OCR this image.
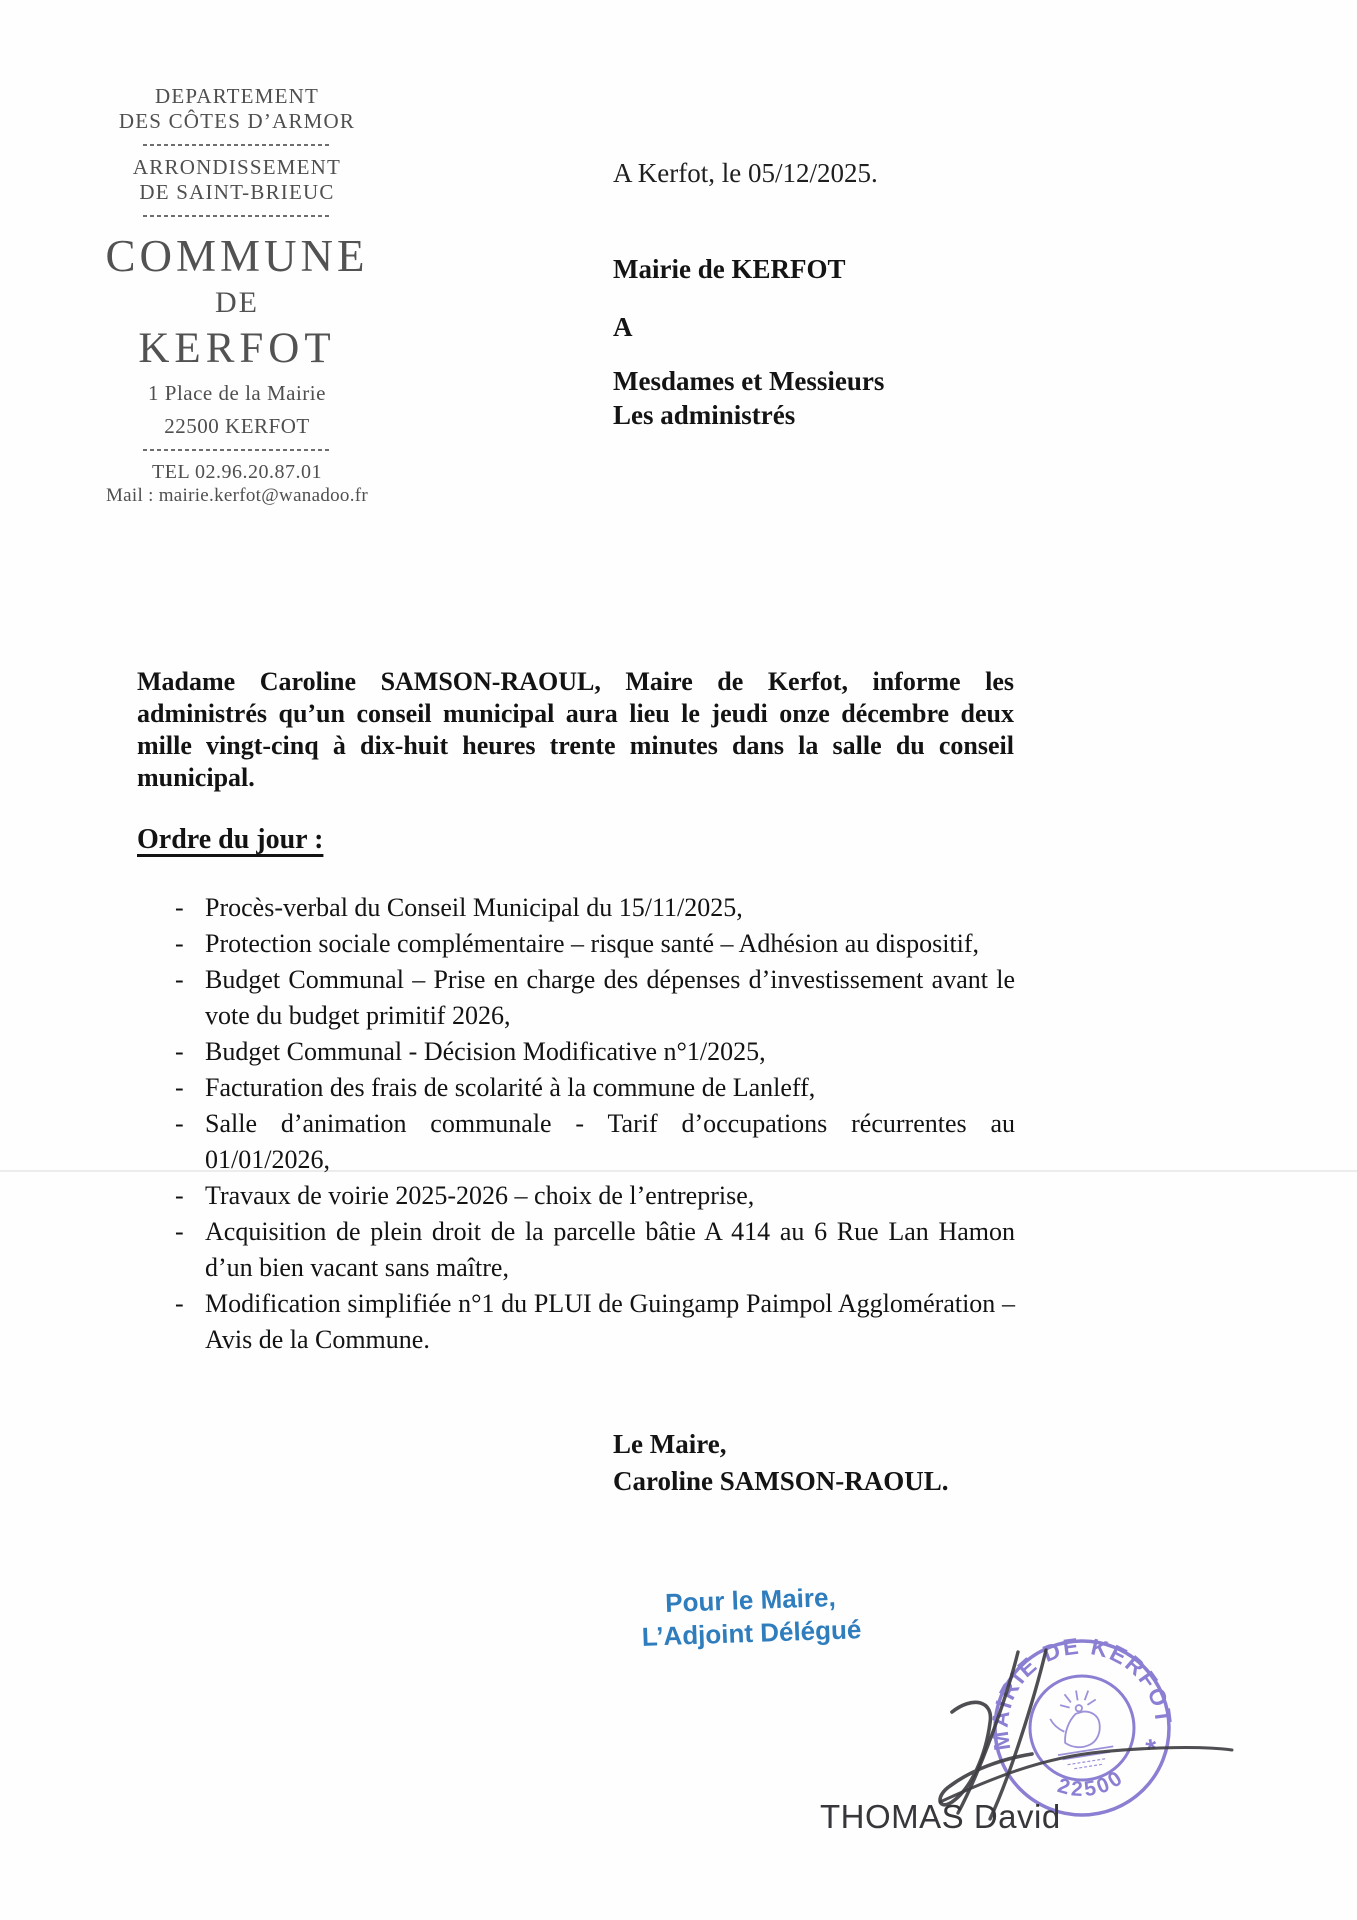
DEPARTEMENT
DES CÔTES D’ARMOR
ARRONDISSEMENT
DE SAINT-BRIEUC
COMMUNE
DE
KERFOT
1 Place de la Mairie
22500 KERFOT
TEL 02.96.20.87.01
Mail : mairie.kerfot@wanadoo.fr
A Kerfot, le 05/12/2025.
Mairie de KERFOT
A
Mesdames et Messieurs
Les administrés

Madame Caroline SAMSON-RAOUL, Maire de Kerfot, informe les administrés qu’un conseil municipal aura lieu le jeudi onze décembre deux mille vingt-cinq à dix-huit heures trente minutes dans la salle du conseil municipal.

Ordre du jour :
- Procès-verbal du Conseil Municipal du 15/11/2025,
- Protection sociale complémentaire – risque santé – Adhésion au dispositif,
- Budget Communal – Prise en charge des dépenses d’investissement avant le vote du budget primitif 2026,
- Budget Communal - Décision Modificative n°1/2025,
- Facturation des frais de scolarité à la commune de Lanleff,
- Salle d’animation communale - Tarif d’occupations récurrentes au 01/01/2026,
- Travaux de voirie 2025-2026 – choix de l’entreprise,
- Acquisition de plein droit de la parcelle bâtie A 414 au 6 Rue Lan Hamon d’un bien vacant sans maître,
- Modification simplifiée n°1 du PLUI de Guingamp Paimpol Agglomération – Avis de la Commune.
Le Maire,
Caroline SAMSON-RAOUL.
Pour le Maire,
L’Adjoint Délégué
MAIRIE DE KERFOT
22500
*
THOMAS David
